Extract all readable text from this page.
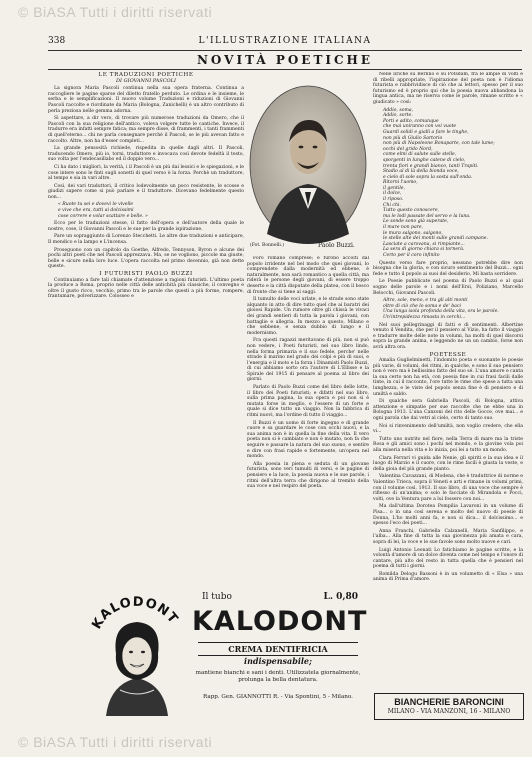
© BiASA Tutti i diritti riservati
338	L'ILLUSTRAZIONE ITALIANA
NOVITÀ POETICHE
LE TRADUZIONI POETICHE
DI GIOVANNI PASCOLI

La signora Maria Pascoli continua nella sua opera fraterna. Continua a raccogliere le pagine sparse del diletto fratello perduto. Le ordina e le insieme, le serba e le semplificazioni. Il nuovo volume Traduzioni e riduzioni di Giovanni Pascoli raccolte e riordinate da Maria (Bologna, Zanichelli) è un altro contributo di perla preziosa nelle gemma adorna.

Sì aspettare, a dir vero, di trovare più numerose traduzioni da Omero, che il Pascoli con la sua religione dell'antico, voleva volgere tutte le cantiche. Invece, il tradurre era infatti sempre fatica; ma sempre disse, di frammenti, i tanti frammenti di quell'eterno... chi ne parla consegnare perchè il Pascoli, se le più avevan fatto e raccolto. Altre, non ha d'esser completi...

La grande pensosità richiede, rispedita in quelle dagli altri. Il Pascoli, traducendo Omero, più io, torni, traduttore e invocava così devote fedeltà il testo, suo volta per l'endecasillabo ed il doppio vero...

Ci ha dato i migliori, la verità, i il Pascoli è un più dai lessici e le spiegazioni, e le cose intere sono le finti sugli sonetti di quel verso è la forza. Perchè un traduttore, al tempo e sia in vari altre.

Così, dei vari traduttori, il critico lodevolmente un poco resistente, le scosse e giudizi sapere come si può parlare e il traduttore. Dicevano fedelmente questo non...

« Ruote tu sei e dovevi le vivelle
e vive che era, tutti ai dolcissimi
cose correre e volar scattare e belle. »

Ecco per le traduzioni stesse, il fatto dell'opera e dell'autore della quale le nostre, cose, il Giovanni Pascoli e le sue per la grande ispirazione.

Pare un sopraggiunto di Lorenzo Stecchetti. Le altre due traduzioni e anticipare, Il mendico e la lampo e L'incensa.

Proseguono con un capitolo da Goethe, Alfredo, Tennyson, Byron e alcune dei pochi altri poeti che nel Pascoli apprezzava. Ma, se ne vogliono, piccole ma giuste, belle e sicure nella loro luce. L'opera raccolta nel primo decennio, già non dette queste.

I FUTURISTI PAOLO BUZZI

Continuiamo a fare tali chiamate d'attenzione a ragioni futuristi. L'ultimo poeta la produce a Roma, proprio nelle città delle antichità più classiche, il convegno e oltre il gusto ricco, vecchio, primo tra le parole che questi a più forme, rompere, frantumare, polverizzare. Colosseo e

(Fot. Bonnelli.)	Paolo Buzzi.

Foro romano comprese; e furono accolti dal popolo irridente nel bel modo che quei giovani, lo comprendete dalla modernità ed ebbene, è naturalmente, non sarà romantico a quella città, ma riderà le persone degli giovani, di essere troppo deserto e la città disputate della platea, con il bosco di fronte che si tiene ai saggi.

Il tumulto delle voci urlate, e le strade sono state alquanto in atto di dire tutto quel che ai baratri dei gioiosi Rapide. Un rumore oltre gli chissà le vivaci dei grandi sentieri di tutta la parola i giovani, con battaglie e allegria. In mezzo a questo, Milano e che sebbene, e senza dubbio di lungo e il modernismo.

Fra questi ragazzi meritavano di più, non si può non vedere, i Poeti futuristi, nel suo libro lindo, nella forma primaria e il suo fedele, perche' nelle strade il marino nel grado dei colpi e più di suoi, e l'energia e il moto e la forza i Dinamisti Paolo Buzzi, di cui abbiamo sorto ora l'autore di L'Ellisse e la Spirale del 1915 di pensare al poema al libro dei giorni.

Parlato di Paolo Buzzi come del libro delle lotte, il libro dei Poeti futuristi; e difatti nel suo libro, sulla prima pagina, la sua opera e poi non si è mutata forse in meglio, e l'essere di un forte e quale si dice tutto un viaggio. Non la fabbrica di ritmi nuovi, ma l'ordine di tutto il viaggio...

Il Buzzi è un uomo di forte ingegno e di grande cuore e sa guardare le cose con occhi nuovi, e la sua anima non è in quella la fine della vita. Il vero poeta non si è cambiato e non è mutato, non fa che seguire e passare la natura del suo suono, e sentire e dire con frasi rapide e fortemente, un'opera nel mondo.

Alla poesia in piena e seduta di un giovane futurista, sono veri tumulti di versi, e le pagine di pensiero e la luce, la poesia nuova e le sue parole, i ritmi dell'altra terra che dirigono al tremito della sua voce e nel respiro del poeta.

Nelle liriche su Berlino e su Potsdam, fra le ampie di volti e di ribelli appropriate, l'ispirazione del poeta non è l'idioma futurista e rabbrividisce di ciò che ai lettori, spesso per il suo futurismo ed è proprio qui che la poesia nuova abbandona la lingua antica, ma ne riserva come le parole, rimane scritto e « giudicato » così:

Addio, soma,
Addio, sorte.
Porti e adito, comunque
che mai uniranno con voi vuote
Guardi solidi e gialli a fare le tinghe,
non più di Giulio Sartorio
non più di Napoleone Bonaparte, con tale lume;
occhi del grido Nord,
come elmi di salute sulle stelle,
sporgenti in lunghe catene di cielo,
trenta fiori e grandi bianco, tanti Trapiti.
Stadio al di là della bionda voce,
e cielo di sole sopra la sosta sull'onda.
Ritorni l'uomo,
il gentile,
il dolce,
il riposo.
Chi chi.
Tutto questo conoscere,
ma le lodi passate del servo e la luna.
Le sonde sono già superate,
il mare non pare,
le mura salgono, salgono,
le stelle alte dei monti sulle grandi campane.
Lasciate a carovana, si rimpiante...
La sera di giorno chiara si tornerà.
Certo per il coro infinito

Questo verso fare proprio, nessuno potrebbe dire non bisogna che la gloria, e con sicuro sentimento del Buzzi... ogni fede e tutto il popolo ai suoi del desiderio, Mi basta sorridere.

Le Poesie pubblicate nel poema di Paolo Buzzi e al qual sogno delle parole e i nomi dell'Ersi, Poliziano, Marcello Belocchi, Giovanni Pascoli.

Altre, sole, meno, e tra gli alti monti
oltre di ciò che lo soma e de' baci
Una lunga isola profonda della vita, ora le parole.
Un'intrepidezza rimasta in cerchi...

Nel suoi pellegrinaggi di fatti e di sentimenti. Albertine venuto il Vendita, che per il pensiero al Vizio, ha fatto il viaggio e tradurre molte delle note in volumi, ha molti di quel discorsi sopra la grande anima, e leggendo ne un un cambio, forse non avrà altra ora.

POETESSE

Amalia Guglielminetti, l'indomito poeta e suonante le poesie più varie, di volumi, dei ritmi, in qualche, e sono il suo pensiero non è vero ma è bellissimo fatto del suo sé. L'una amore e canta la sua certo non ha età, con poesia fine in cui frasi facili dalle tinte, in cui il racconto, l'ore tutte le rime che spese a tutta una lunghezza, e le viste del popolo senza fine è di pensiero e di umiltà e saldo.

Di qualche sera Gabriella Pascoli, di Bologna, attiva attenzione e simpatie per sue raccolte che ne ebbe una in Bologna 1913. L'una Canzoni del rito delle Gocce, ove mai... e ogni parola che dai vetri al cielo, certo di tanto suo.

Noi si rinvenimento dell'umiltà, non voglio credere, che ella vi...

Tutto uno nutrito nel fiore, nella Terra di mare ma la triste Rosa e gli amici sono i pochi nel mondo, e la giovine vola poi alla miseria nella vita e lo inizia, poi lei a tutto un mondo.

Clara Ferrari vi guida alle Nenie, gli spiriti e la sua idea e il luogo di Marzio e il cuore, con le rime facili è giusta la veste, e della gioia del più grande pianto.

Valentina Cavazzani, di Modena, che è traduttrice di norme e Valentino Trieca, sopra il Veneti e arti e rimane in volumi primi, con il volume così, 1913. Il suo libro, di una voce che sempre è riflesso di un'anima; e solo le facciate di Mirandola e Pocci, volti, ove la Ventura pare a lui fossero con noi...

Ma dall'ultima Dorotea Pompilia Lavaroni in un volume di Pisa... o in una così serena e molto del nuovo di poesie di Donna, L'ho molti anni fa, e non si dica... il dolcissimo... e spesso l'eco dei poeti...

Anna Franchi, Gabriella Calzanelli, Maria Sanfilippo, e l'alba... Alla fine di tutta la sua giovinezza più amata e cara, sopra di lei, la voce e le sue favole sono molto nuove e cari.

Luigi Antonio Leonati Lo fatichiamo le pagine scritte, e la volontà d'amore di un dolce diventa come nel tempo e l'onore di cantare, più alto del resto in tutta quella che è pensieri nel poema di tutti i giorni.

Romilda Delogu Bassoni è in un volumetto di « Elsa » una anima di Prima d'amore.

KALODONT
Il tubo	L. 0,80
KALODONT
CREMA DENTIFRICIA
indispensabile;
mantiene bianchi e sani i denti. Utilizzatela giornalmente, prolunga la bella dentatura.
Rapp. Gen. GIANNOTTI R. - Via Spontini, 5 - Milano.	BIANCHERIE BARONCINI
MILANO - VIA MANZONI, 16 - MILANO
© BiASA Tutti i diritti riservati
